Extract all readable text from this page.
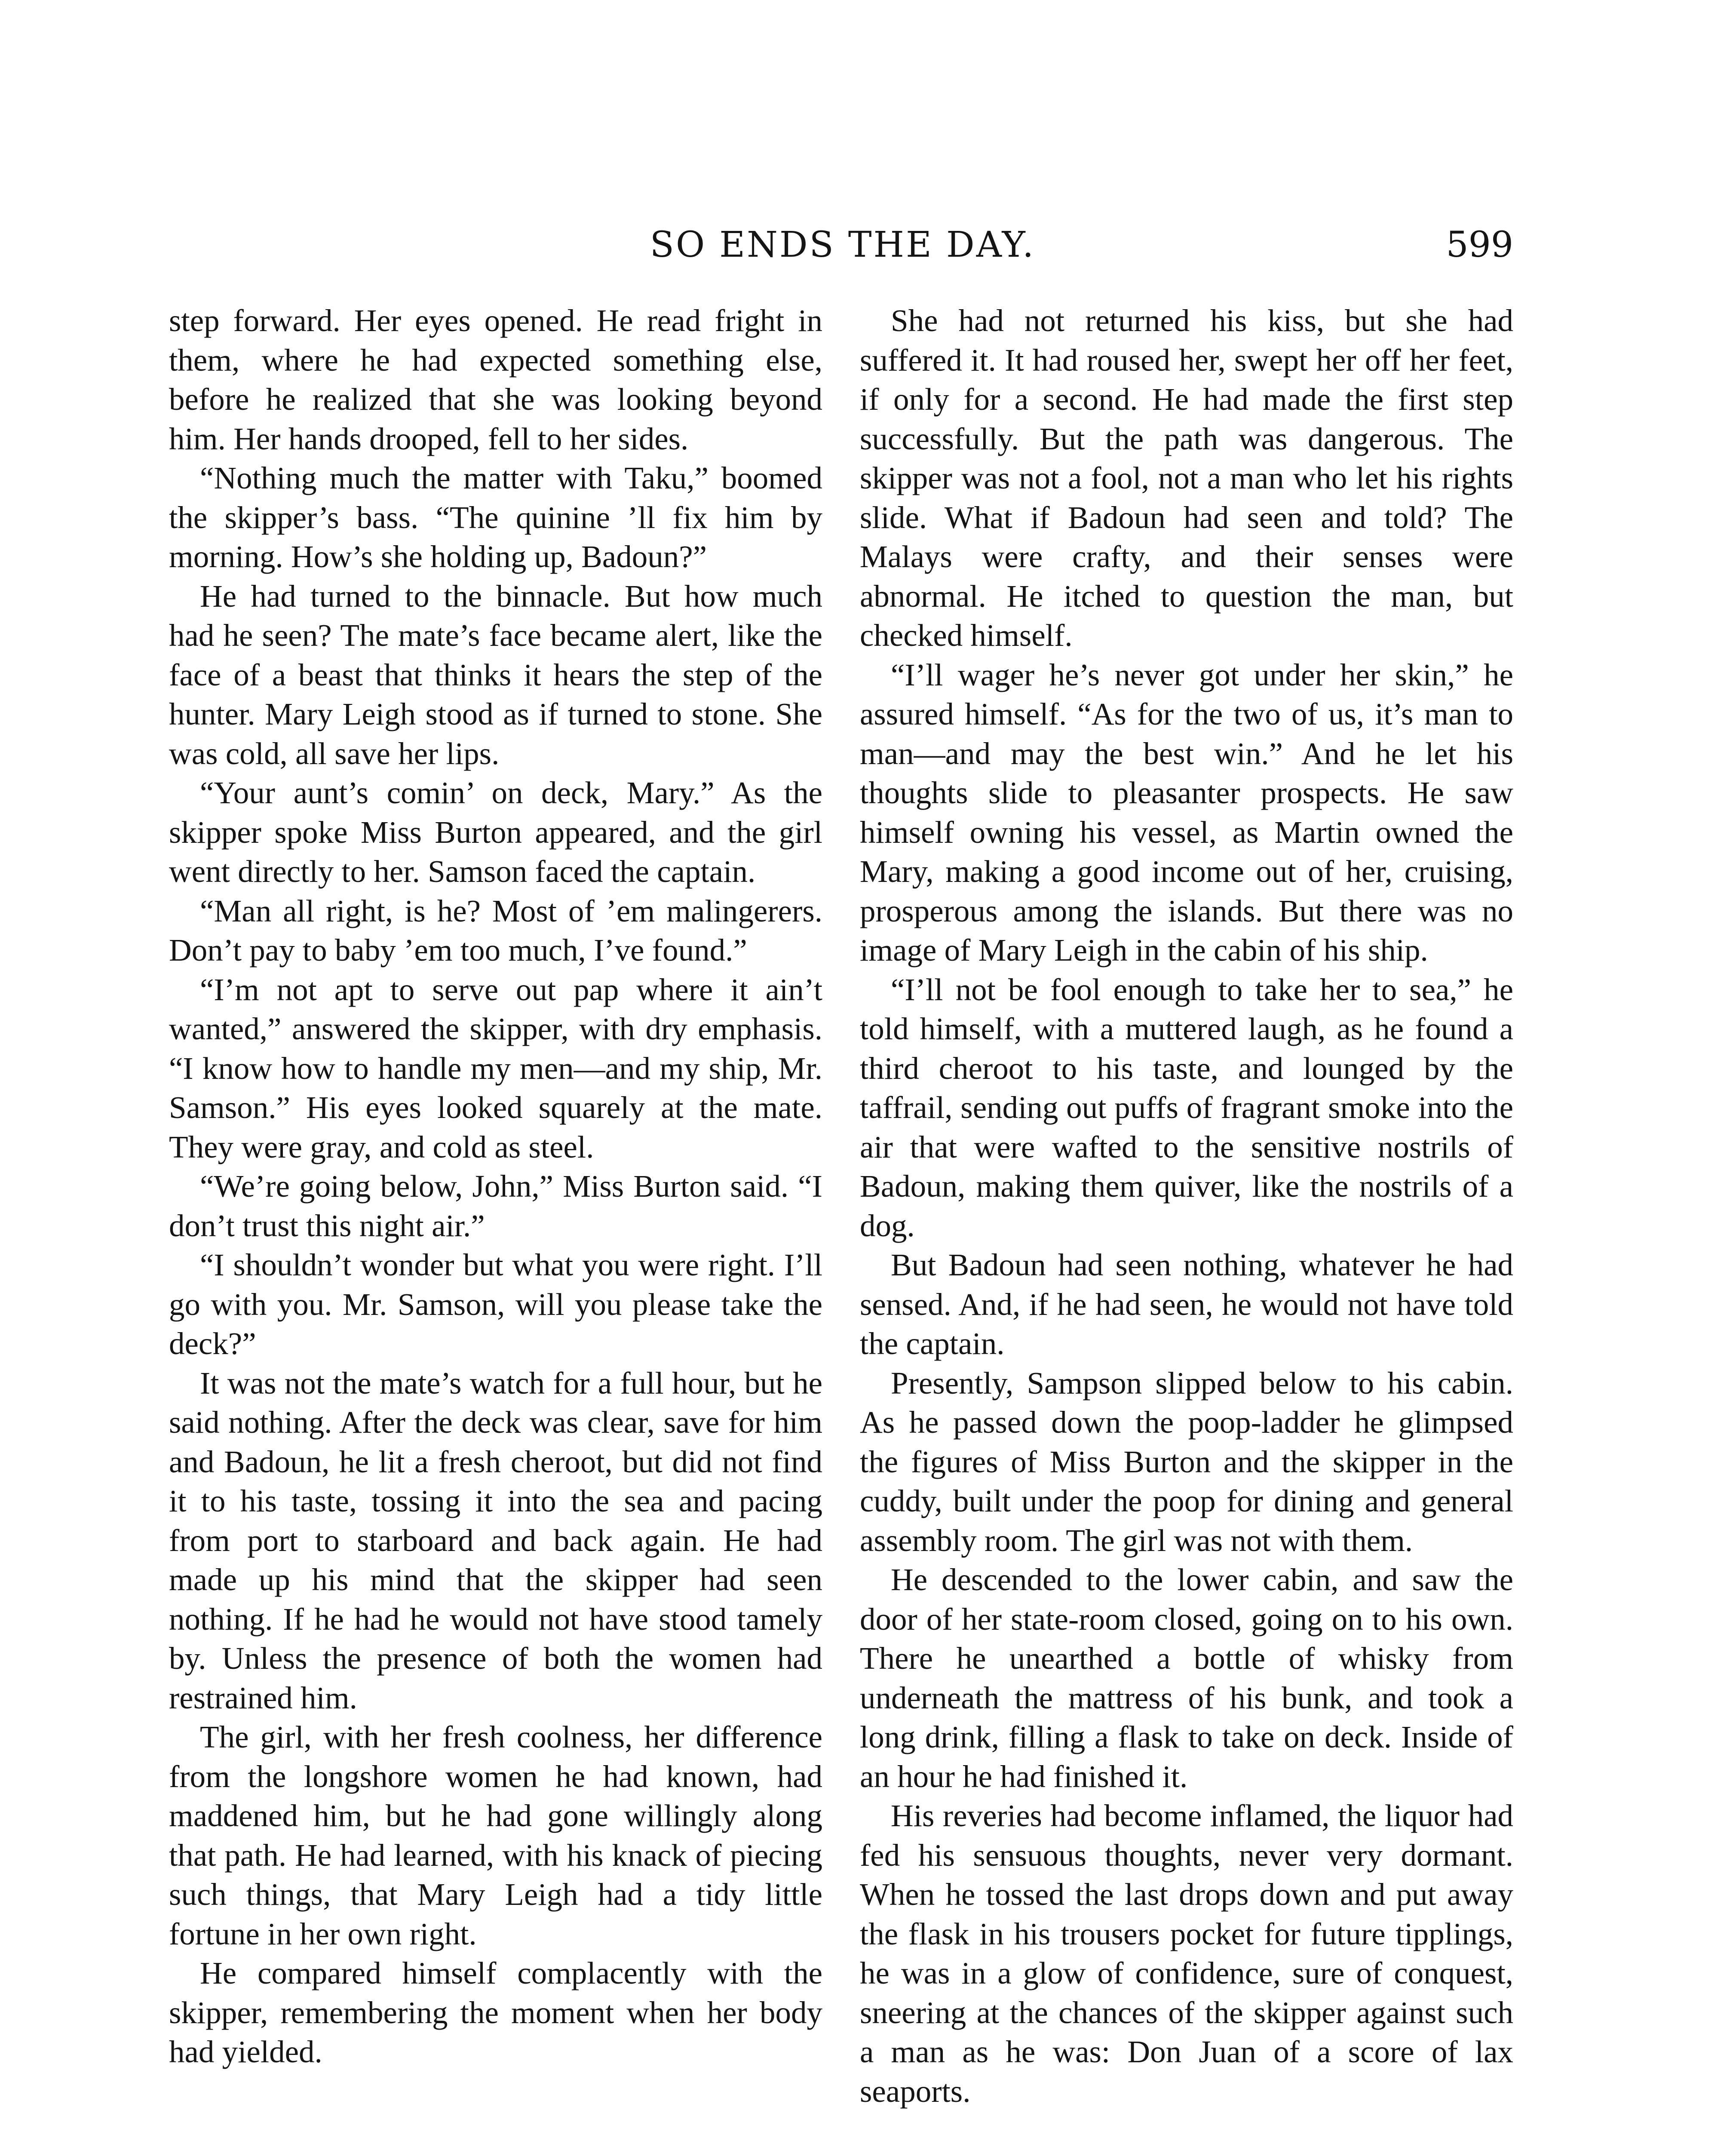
SO ENDS THE DAY.	599

step forward. Her eyes opened. He read fright in them, where he had expected something else, before he realized that she was looking beyond him. Her hands drooped, fell to her sides.

“Nothing much the matter with Taku,” boomed the skipper’s bass. “The quinine ’ll fix him by morning. How’s she holding up, Badoun?”

He had turned to the binnacle. But how much had he seen? The mate’s face became alert, like the face of a beast that thinks it hears the step of the hunter. Mary Leigh stood as if turned to stone. She was cold, all save her lips.

“Your aunt’s comin’ on deck, Mary.” As the skipper spoke Miss Burton appeared, and the girl went directly to her. Samson faced the captain.

“Man all right, is he? Most of ’em malingerers. Don’t pay to baby ’em too much, I’ve found.”

“I’m not apt to serve out pap where it ain’t wanted,” answered the skipper, with dry emphasis. “I know how to handle my men—and my ship, Mr. Samson.” His eyes looked squarely at the mate. They were gray, and cold as steel.

“We’re going below, John,” Miss Burton said. “I don’t trust this night air.”

“I shouldn’t wonder but what you were right. I’ll go with you. Mr. Samson, will you please take the deck?”

It was not the mate’s watch for a full hour, but he said nothing. After the deck was clear, save for him and Badoun, he lit a fresh cheroot, but did not find it to his taste, tossing it into the sea and pacing from port to starboard and back again. He had made up his mind that the skipper had seen nothing. If he had he would not have stood tamely by. Unless the presence of both the women had restrained him.

The girl, with her fresh coolness, her difference from the longshore women he had known, had maddened him, but he had gone willingly along that path. He had learned, with his knack of piecing such things, that Mary Leigh had a tidy little fortune in her own right.

He compared himself complacently with the skipper, remembering the moment when her body had yielded.

She had not returned his kiss, but she had suffered it. It had roused her, swept her off her feet, if only for a second. He had made the first step successfully. But the path was dangerous. The skipper was not a fool, not a man who let his rights slide. What if Badoun had seen and told? The Malays were crafty, and their senses were abnormal. He itched to question the man, but checked himself.

“I’ll wager he’s never got under her skin,” he assured himself. “As for the two of us, it’s man to man—and may the best win.” And he let his thoughts slide to pleasanter prospects. He saw himself owning his vessel, as Martin owned the Mary, making a good income out of her, cruising, prosperous among the islands. But there was no image of Mary Leigh in the cabin of his ship.

“I’ll not be fool enough to take her to sea,” he told himself, with a muttered laugh, as he found a third cheroot to his taste, and lounged by the taffrail, sending out puffs of fragrant smoke into the air that were wafted to the sensitive nostrils of Badoun, making them quiver, like the nostrils of a dog.

But Badoun had seen nothing, whatever he had sensed. And, if he had seen, he would not have told the captain.

Presently, Sampson slipped below to his cabin. As he passed down the poop-ladder he glimpsed the figures of Miss Burton and the skipper in the cuddy, built under the poop for dining and general assembly room. The girl was not with them.

He descended to the lower cabin, and saw the door of her state-room closed, going on to his own. There he unearthed a bottle of whisky from underneath the mattress of his bunk, and took a long drink, filling a flask to take on deck. Inside of an hour he had finished it.

His reveries had become inflamed, the liquor had fed his sensuous thoughts, never very dormant. When he tossed the last drops down and put away the flask in his trousers pocket for future tipplings, he was in a glow of confidence, sure of conquest, sneering at the chances of the skipper against such a man as he was: Don Juan of a score of lax seaports.
